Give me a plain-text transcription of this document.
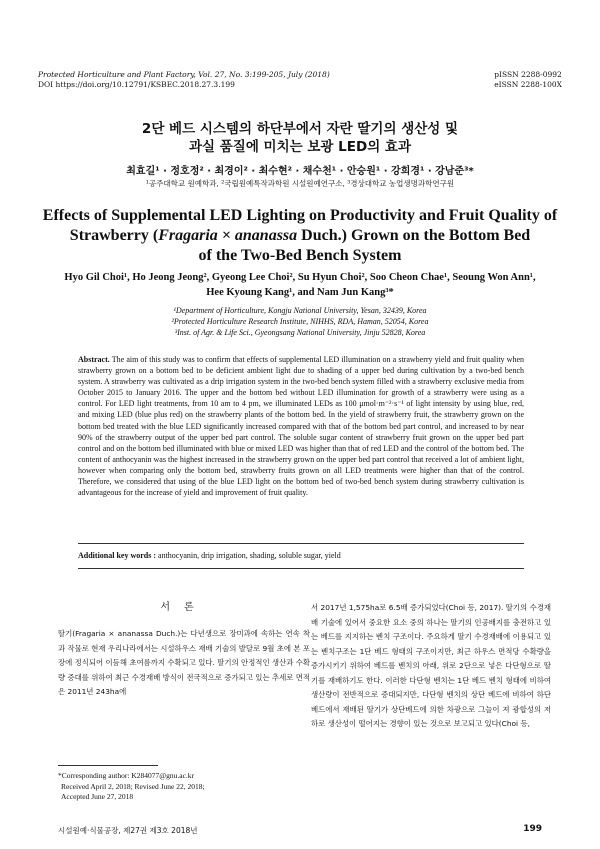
Protected Horticulture and Plant Factory, Vol. 27, No. 3:199-205, July (2018)
DOI https://doi.org/10.12791/KSBEC.2018.27.3.199
pISSN 2288-0992
eISSN 2288-100X
2단 베드 시스템의 하단부에서 자란 딸기의 생산성 및
과실 품질에 미치는 보광 LED의 효과
최효길¹ · 정호정² · 최경이² · 최수현² · 채수천¹ · 안승원¹ · 강희경¹ · 강남준³*
¹공주대학교 원예학과, ²국립원예특작과학원 시설원예연구소, ³경상대학교 농업생명과학연구원
Effects of Supplemental LED Lighting on Productivity and Fruit Quality of
Strawberry (Fragaria × ananassa Duch.) Grown on the Bottom Bed
of the Two-Bed Bench System
Hyo Gil Choi¹, Ho Jeong Jeong², Gyeong Lee Choi², Su Hyun Choi², Soo Cheon Chae¹, Seoung Won Ann¹,
Hee Kyoung Kang¹, and Nam Jun Kang³*
¹Department of Horticulture, Kongju National University, Yesan, 32439, Korea
²Protected Horticulture Research Institute, NIHHS, RDA, Haman, 52054, Korea
³Inst. of Agr. & Life Sci., Gyeongsang National University, Jinju 52828, Korea
Abstract. The aim of this study was to confirm that effects of supplemental LED illumination on a strawberry yield and fruit quality when strawberry grown on a bottom bed to be deficient ambient light due to shading of a upper bed during cultivation by a two-bed bench system. A strawberry was cultivated as a drip irrigation system in the two-bed bench system filled with a strawberry exclusive media from October 2015 to January 2016. The upper and the bottom bed without LED illumination for growth of a strawberry were using as a control. For LED light treatments, from 10 am to 4 pm, we illuminated LEDs as 100 μmol·m⁻²·s⁻¹ of light intensity by using blue, red, and mixing LED (blue plus red) on the strawberry plants of the bottom bed. In the yield of strawberry fruit, the strawberry grown on the bottom bed treated with the blue LED significantly increased compared with that of the bottom bed part control, and increased to by near 90% of the strawberry output of the upper bed part control. The soluble sugar content of strawberry fruit grown on the upper bed part control and on the bottom bed illuminated with blue or mixed LED was higher than that of red LED and the control of the bottom bed. The content of anthocyanin was the highest increased in the strawberry grown on the upper bed part control that received a lot of ambient light, however when comparing only the bottom bed, strawberry fruits grown on all LED treatments were higher than that of the control. Therefore, we considered that using of the blue LED light on the bottom bed of two-bed bench system during strawberry cultivation is advantageous for the increase of yield and improvement of fruit quality.
Additional key words : anthocyanin, drip irrigation, shading, soluble sugar, yield
서론
딸기(Fragaria × ananassa Duch.)는 다년생으로 장미과에 속하는 연속 착과 작물로 현재 우리나라에서는 시설하우스 재배 기술의 발달로 9월 초에 본 포장에 정식되어 이듬해 초여름까지 수확되고 있다. 딸기의 안정적인 생산과 수확량 증대를 위하여 최근 수경재배 방식이 전국적으로 증가되고 있는 추세로 면적은 2011년 243ha에
서 2017년 1,575ha로 6.5배 증가되었다(Choi 등, 2017). 딸기의 수경재배 기술에 있어서 중요한 요소 중의 하나는 딸기의 인공배지를 충전하고 있는 베드를 지지하는 벤치 구조이다. 주요하게 딸기 수경재배에 이용되고 있는 벤치구조는 1단 베드 형태의 구조이지만, 최근 하우스 면적당 수확량을 증가시키기 위하여 베드를 벤치의 아래, 위로 2단으로 넣은 다단형으로 딸기를 재배하기도 한다. 이러한 다단형 벤치는 1단 베드 벤치 형태에 비하여 생산량이 전반적으로 증대되지만, 다단형 벤치의 상단 베드에 비하여 하단 베드에서 재배된 딸기가 상단베드에 의한 차광으로 그늘이 져 광합성의 저하로 생산성이 떨어지는 경향이 있는 것으로 보고되고 있다(Choi 등,
*Corresponding author: K284077@gnu.ac.kr
Received April 2, 2018; Revised June 22, 2018;
Accepted June 27, 2018
시설원예·식물공장, 제27권 제3호 2018년	199
